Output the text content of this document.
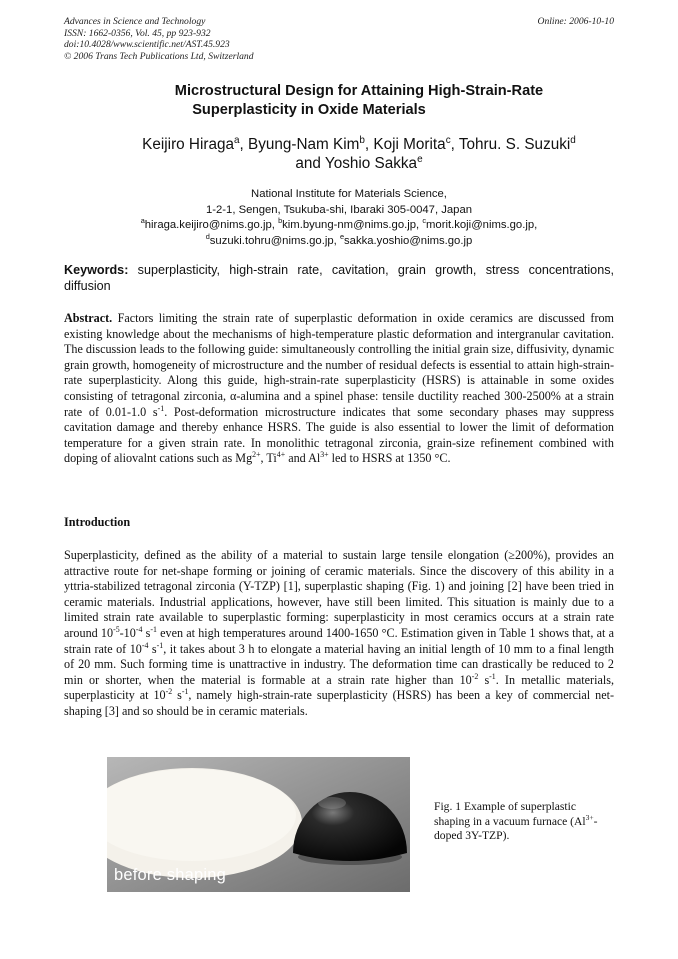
Advances in Science and Technology
ISSN: 1662-0356, Vol. 45, pp 923-932
doi:10.4028/www.scientific.net/AST.45.923
© 2006 Trans Tech Publications Ltd, Switzerland
Online: 2006-10-10
Microstructural Design for Attaining High-Strain-Rate
Superplasticity in Oxide Materials
Keijiro Hiraga$^a$, Byung-Nam Kim$^b$, Koji Morita$^c$, Tohru. S. Suzuki$^d$
and Yoshio Sakka$^e$
National Institute for Materials Science,
1-2-1, Sengen, Tsukuba-shi, Ibaraki 305-0047, Japan
$^a$hiraga.keijiro@nims.go.jp, $^b$kim.byung-nm@nims.go.jp, $^c$morit.koji@nims.go.jp,
$^d$suzuki.tohru@nims.go.jp, $^e$sakka.yoshio@nims.go.jp
Keywords: superplasticity, high-strain rate, cavitation, grain growth, stress concentrations, diffusion
Abstract. Factors limiting the strain rate of superplastic deformation in oxide ceramics are discussed from existing knowledge about the mechanisms of high-temperature plastic deformation and intergranular cavitation. The discussion leads to the following guide: simultaneously controlling the initial grain size, diffusivity, dynamic grain growth, homogeneity of microstructure and the number of residual defects is essential to attain high-strain-rate superplasticity. Along this guide, high-strain-rate superplasticity (HSRS) is attainable in some oxides consisting of tetragonal zirconia, α-alumina and a spinel phase: tensile ductility reached 300-2500% at a strain rate of 0.01-1.0 $s^{-1}$. Post-deformation microstructure indicates that some secondary phases may suppress cavitation damage and thereby enhance HSRS. The guide is also essential to lower the limit of deformation temperature for a given strain rate. In monolithic tetragonal zirconia, grain-size refinement combined with doping of aliovalnt cations such as $Mg^{2+}$, $Ti^{4+}$ and $Al^{3+}$ led to HSRS at 1350 °C.
Introduction
Superplasticity, defined as the ability of a material to sustain large tensile elongation (≥200%), provides an attractive route for net-shape forming or joining of ceramic materials. Since the discovery of this ability in a yttria-stabilized tetragonal zirconia (Y-TZP) [1], superplastic shaping (Fig. 1) and joining [2] have been tried in ceramic materials. Industrial applications, however, have still been limited. This situation is mainly due to a limited strain rate available to superplastic forming: superplasticity in most ceramics occurs at a strain rate around $10^{-5}-10^{-4}$ $s^{-1}$ even at high temperatures around 1400-1650 °C. Estimation given in Table 1 shows that, at a strain rate of $10^{-4}$ $s^{-1}$, it takes about 3 h to elongate a material having an initial length of 10 mm to a final length of 20 mm. Such forming time is unattractive in industry. The deformation time can drastically be reduced to 2 min or shorter, when the material is formable at a strain rate higher than $10^{-2}$ $s^{-1}$. In metallic materials, superplasticity at $10^{-2}$ $s^{-1}$, namely high-strain-rate superplasticity (HSRS) has been a key of commercial net-shaping [3] and so should be in ceramic materials.
before shaping
Fig. 1 Example of superplastic shaping in a vacuum furnace ($Al^{3+}$-doped 3Y-TZP).
